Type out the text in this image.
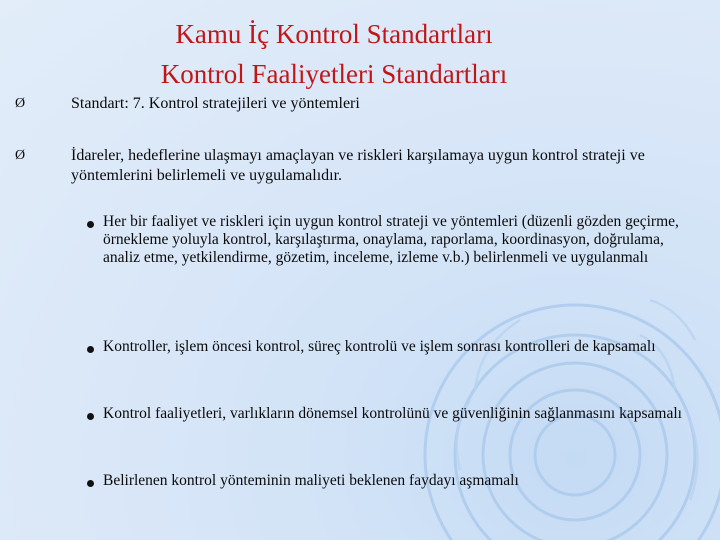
Kamu İç Kontrol Standartları
Kontrol Faaliyetleri Standartları
Ø	Standart: 7. Kontrol stratejileri ve yöntemleri
Ø	İdareler, hedeflerine ulaşmayı amaçlayan ve riskleri karşılamaya uygun kontrol strateji ve yöntemlerini belirlemeli ve uygulamalıdır.
Her bir faaliyet ve riskleri için uygun kontrol strateji ve yöntemleri (düzenli gözden geçirme, örnekleme yoluyla kontrol, karşılaştırma, onaylama, raporlama, koordinasyon, doğrulama, analiz etme, yetkilendirme, gözetim, inceleme, izleme v.b.) belirlenmeli ve uygulanmalı
Kontroller, işlem öncesi kontrol, süreç kontrolü ve işlem sonrası kontrolleri de kapsamalı
Kontrol faaliyetleri, varlıkların dönemsel kontrolünü ve güvenliğinin sağlanmasını kapsamalı
Belirlenen kontrol yönteminin maliyeti beklenen faydayı aşmamalı
